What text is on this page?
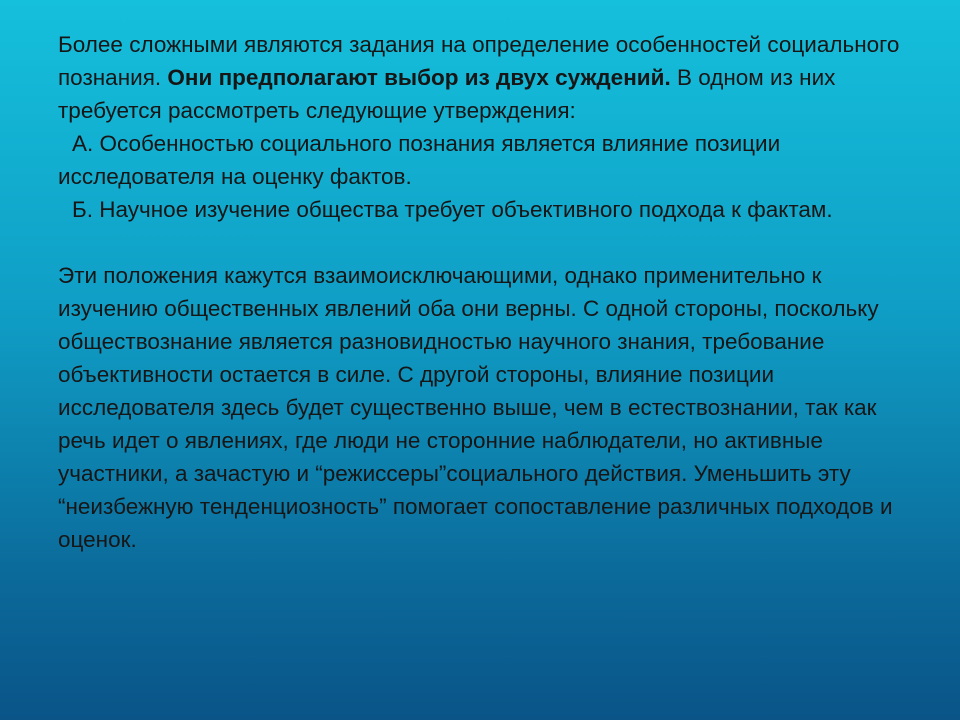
Более сложными являются задания на определение особенностей социального познания. Они предполагают выбор из двух суждений. В одном из них требуется рассмотреть следующие утверждения:

А. Особенностью социального познания является влияние позиции исследователя на оценку фактов.

Б. Научное изучение общества требует объективного подхода к фактам.

Эти положения кажутся взаимоисключающими, однако применительно к изучению общественных явлений оба они верны. С одной стороны, поскольку обществознание является разновидностью научного знания, требование объективности остается в силе. С другой стороны, влияние позиции исследователя здесь будет существенно выше, чем в естествознании, так как речь идет о явлениях, где люди не сторонние наблюдатели, но активные участники, а зачастую и “режиссеры”социального действия. Уменьшить эту “неизбежную тенденциозность” помогает сопоставление различных подходов и оценок.
